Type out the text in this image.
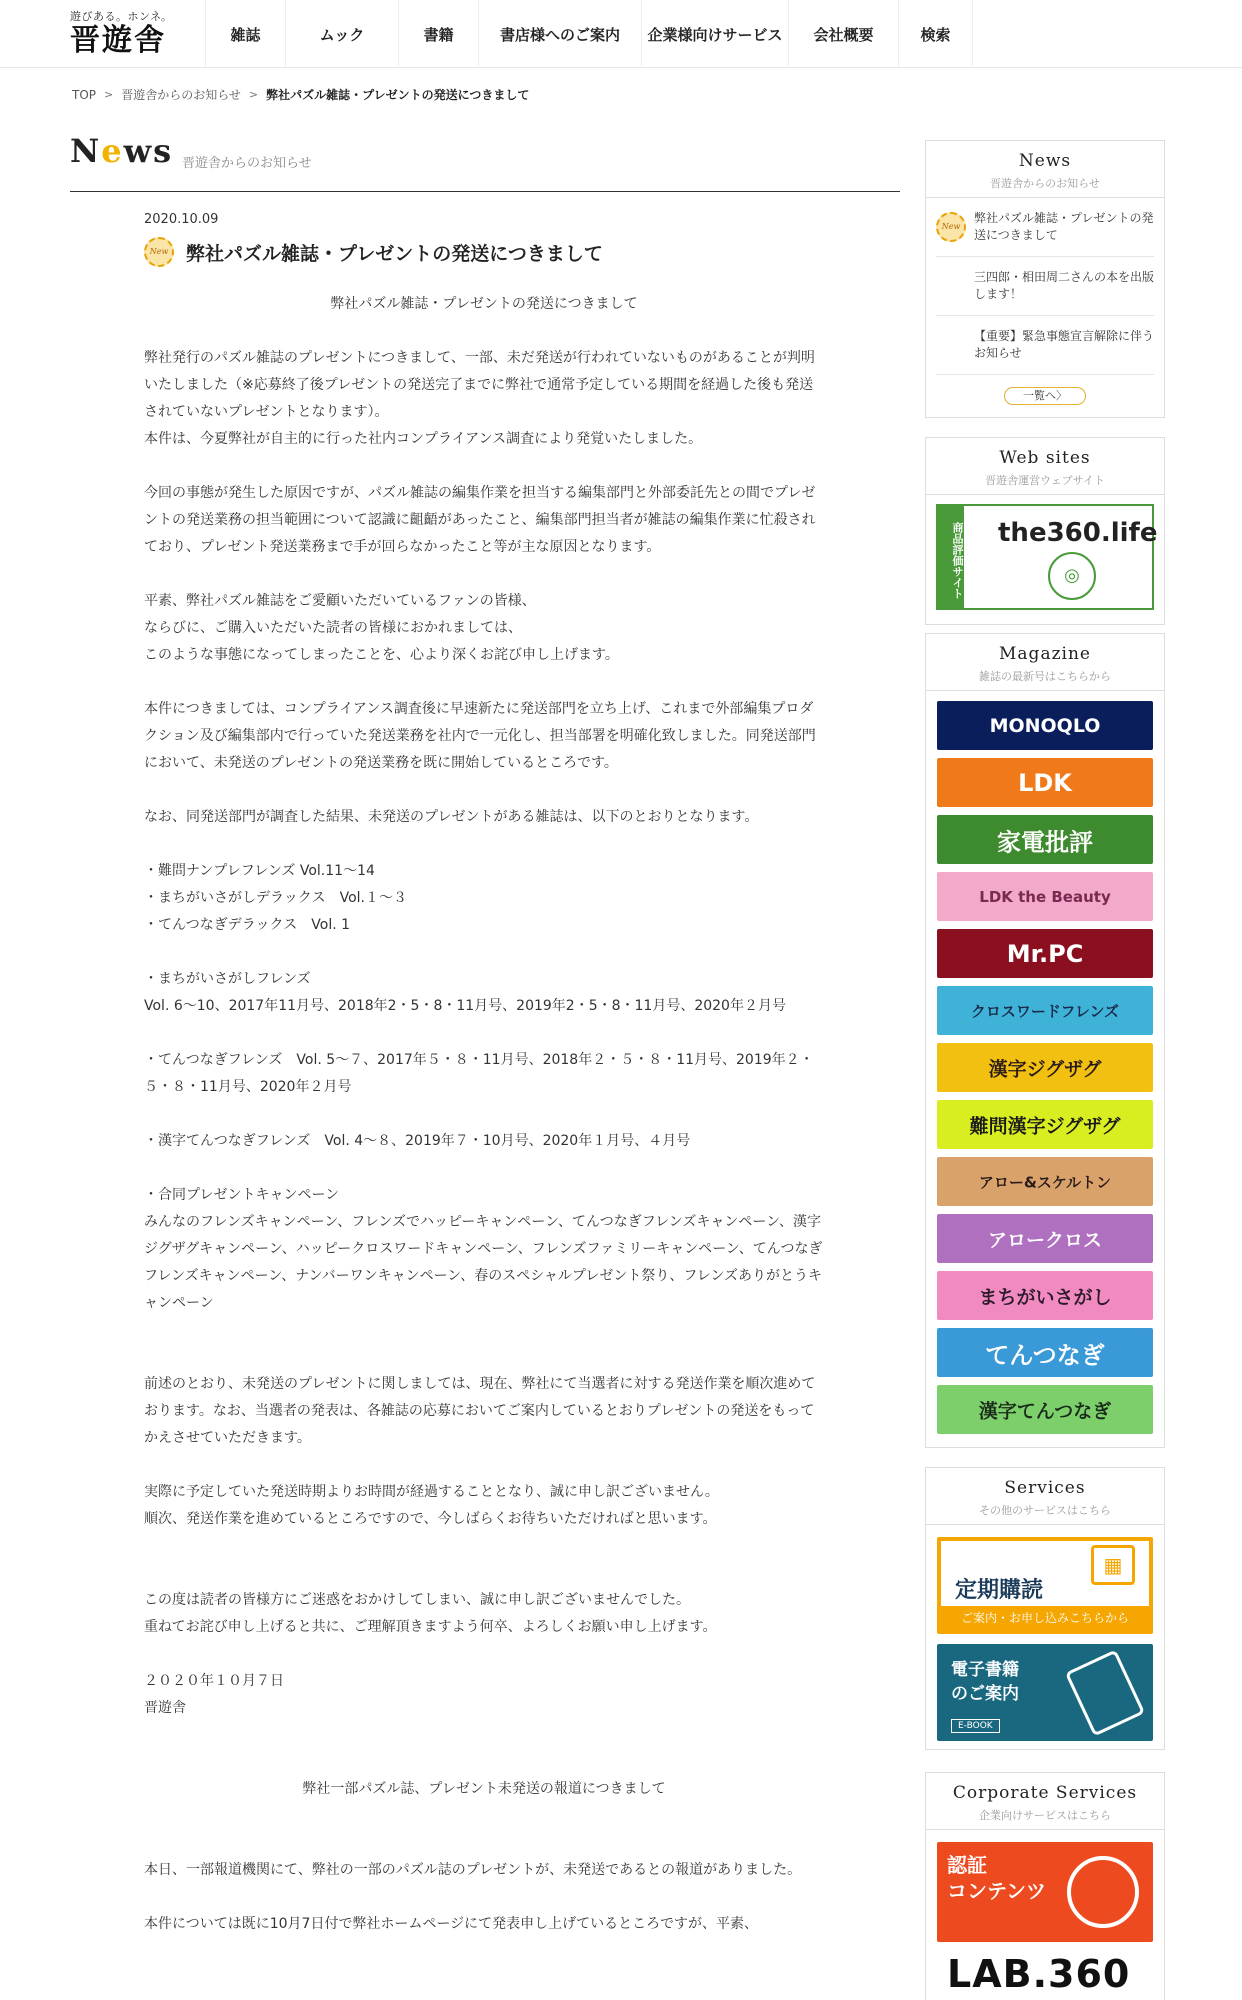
遊びある。ホンネ。
晋遊舎	雑誌	ムック	書籍	書店様へのご案内	企業様向けサービス	会社概要	検索
TOP > 晋遊舎からのお知らせ > 弊社パズル雑誌・プレゼントの発送につきまして
News 晋遊舎からのお知らせ
2020.10.09
New 弊社パズル雑誌・プレゼントの発送につきまして

弊社パズル雑誌・プレゼントの発送につきまして

弊社発行のパズル雑誌のプレゼントにつきまして、一部、未だ発送が行われていないものがあることが判明いたしました（※応募終了後プレゼントの発送完了までに弊社で通常予定している期間を経過した後も発送されていないプレゼントとなります）。
本件は、今夏弊社が自主的に行った社内コンプライアンス調査により発覚いたしました。

今回の事態が発生した原因ですが、パズル雑誌の編集作業を担当する編集部門と外部委託先との間でプレゼントの発送業務の担当範囲について認識に齟齬があったこと、編集部門担当者が雑誌の編集作業に忙殺されており、プレゼント発送業務まで手が回らなかったこと等が主な原因となります。

平素、弊社パズル雑誌をご愛顧いただいているファンの皆様、
ならびに、ご購入いただいた読者の皆様におかれましては、
このような事態になってしまったことを、心より深くお詫び申し上げます。

本件につきましては、コンプライアンス調査後に早速新たに発送部門を立ち上げ、これまで外部編集プロダクション及び編集部内で行っていた発送業務を社内で一元化し、担当部署を明確化致しました。同発送部門において、未発送のプレゼントの発送業務を既に開始しているところです。

なお、同発送部門が調査した結果、未発送のプレゼントがある雑誌は、以下のとおりとなります。

・難問ナンプレフレンズ Vol.11〜14
・まちがいさがしデラックス　Vol.１〜３
・てんつなぎデラックス　Vol. 1

・まちがいさがしフレンズ
Vol. 6〜10、2017年11月号、2018年2・5・8・11月号、2019年2・5・8・11月号、2020年２月号

・てんつなぎフレンズ　Vol. 5〜７、2017年５・８・11月号、2018年２・５・８・11月号、2019年２・５・８・11月号、2020年２月号

・漢字てんつなぎフレンズ　Vol. 4〜８、2019年７・10月号、2020年１月号、４月号

・合同プレゼントキャンペーン
みんなのフレンズキャンペーン、フレンズでハッピーキャンペーン、てんつなぎフレンズキャンペーン、漢字ジグザグキャンペーン、ハッピークロスワードキャンペーン、フレンズファミリーキャンペーン、てんつなぎフレンズキャンペーン、ナンバーワンキャンペーン、春のスペシャルプレゼント祭り、フレンズありがとうキャンペーン

前述のとおり、未発送のプレゼントに関しましては、現在、弊社にて当選者に対する発送作業を順次進めております。なお、当選者の発表は、各雑誌の応募においてご案内しているとおりプレゼントの発送をもってかえさせていただきます。

実際に予定していた発送時期よりお時間が経過することとなり、誠に申し訳ございません。
順次、発送作業を進めているところですので、今しばらくお待ちいただければと思います。

この度は読者の皆様方にご迷惑をおかけしてしまい、誠に申し訳ございませんでした。
重ねてお詫び申し上げると共に、ご理解頂きますよう何卒、よろしくお願い申し上げます。

２０２０年１０月７日
晋遊舎

弊社一部パズル誌、プレゼント未発送の報道につきまして

本日、一部報道機関にて、弊社の一部のパズル誌のプレゼントが、未発送であるとの報道がありました。

本件については既に10月7日付で弊社ホームページにて発表申し上げているところですが、平素、

News
晋遊舎からのお知らせ
New
弊社パズル雑誌・プレゼントの発送につきまして
三四郎・相田周二さんの本を出版します！
【重要】緊急事態宣言解除に伴うお知らせ
一覧へ〉
Web sites
晋遊舎運営ウェブサイト
商品評価サイト the360.life
◎
Magazine
雑誌の最新号はこちらから
MONOQLO
LDK
家電批評
LDK the Beauty
Mr.PC
クロスワードフレンズ
漢字ジグザグ
難問漢字ジグザグ
アロー&スケルトン
アロークロス
まちがいさがし
てんつなぎ
漢字てんつなぎ
Services
その他のサービスはこちら
定期購読
▦
ご案内・お申し込みこちらから
電子書籍
のご案内
E-BOOK
Corporate Services
企業向けサービスはこちら
認証
コンテンツ
LAB.360
